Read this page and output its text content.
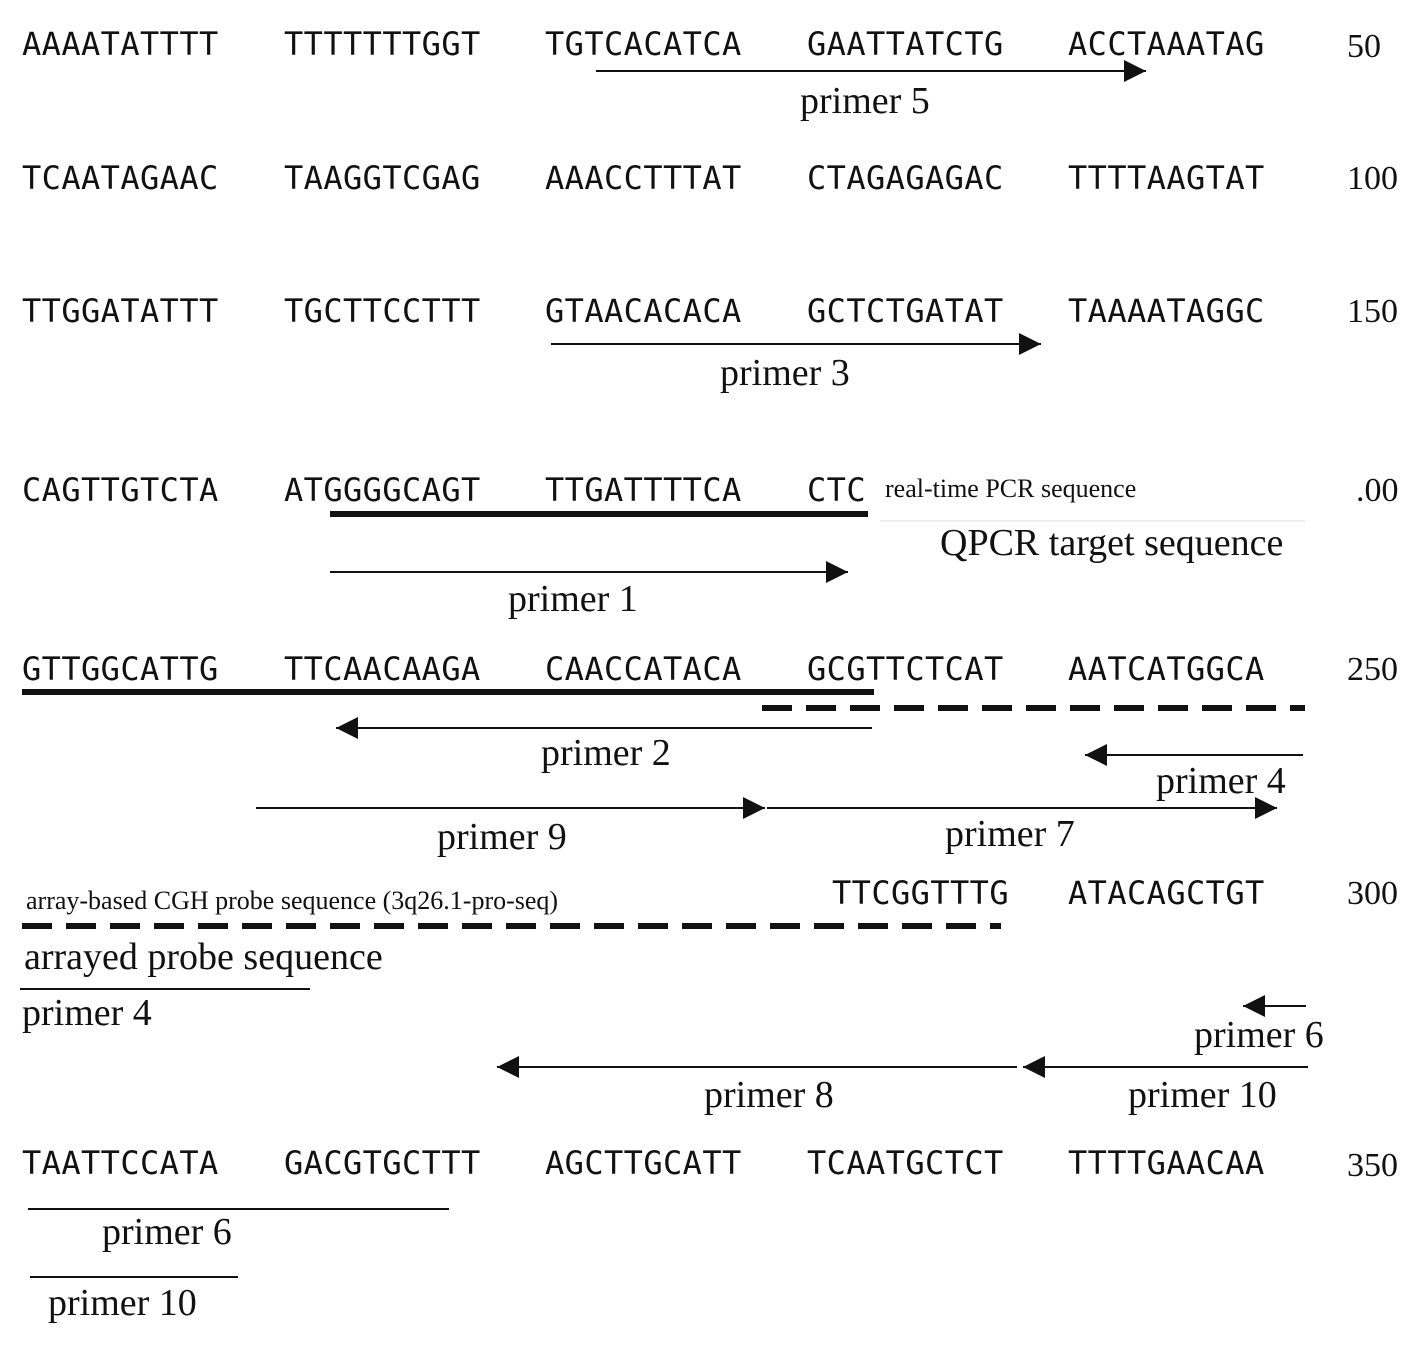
AAAATATTTT TTTTTTTGGT TGTCACATCA GAATTATCTG ACCTAAATAG 50
TCAATAGAAC TAAGGTCGAG AAACCTTTAT CTAGAGAGAC TTTTAAGTAT 100
TTGGATATTT TGCTTCCTTT GTAACACACA GCTCTGATAT TAAAATAGGC 150
CAGTTGTCTA ATGGGGCAGT TTGATTTTCA CTC real-time PCR sequence	.00
QPCR target sequence
GTTGGCATTG TTCAACAAGA CAACCATACA GCGTTCTCAT AATCATGGCA 250
array-based CGH probe sequence (3q26.1-pro-seq)	TTCGGTTTG ATACAGCTGT 300
arrayed probe sequence
TAATTCCATA GACGTGCTTT AGCTTGCATT TCAATGCTCT TTTTGAACAA 350
primer 5
primer 3
primer 1
primer 2
primer 4
primer 9	primer 7
primer 4
primer 6
primer 8	primer 10
primer 6
primer 10
